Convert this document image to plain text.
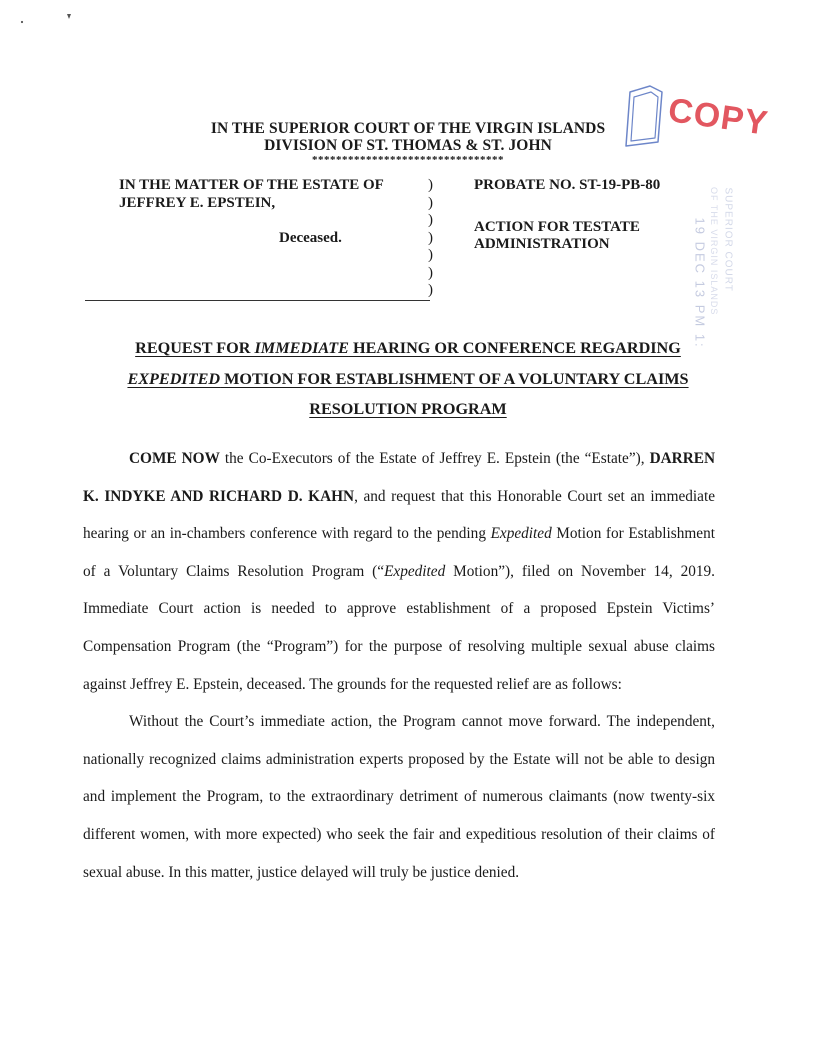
IN THE SUPERIOR COURT OF THE VIRGIN ISLANDS
DIVISION OF ST. THOMAS & ST. JOHN
********************************
COPY
IN THE MATTER OF THE ESTATE OF
JEFFREY E. EPSTEIN,
Deceased.
)
)
)
)
)
)
)
PROBATE NO. ST-19-PB-80
ACTION FOR TESTATE
ADMINISTRATION	19 DEC 13 PM 1: SUPERIOR COURT
OF THE VIRGIN ISLANDS
REQUEST FOR IMMEDIATE HEARING OR CONFERENCE REGARDING
EXPEDITED MOTION FOR ESTABLISHMENT OF A VOLUNTARY CLAIMS
RESOLUTION PROGRAM

COME NOW the Co-Executors of the Estate of Jeffrey E. Epstein (the “Estate”), DARREN K. INDYKE AND RICHARD D. KAHN, and request that this Honorable Court set an immediate hearing or an in-chambers conference with regard to the pending Expedited Motion for Establishment of a Voluntary Claims Resolution Program (“Expedited Motion”), filed on November 14, 2019. Immediate Court action is needed to approve establishment of a proposed Epstein Victims’ Compensation Program (the “Program”) for the purpose of resolving multiple sexual abuse claims against Jeffrey E. Epstein, deceased. The grounds for the requested relief are as follows:

Without the Court’s immediate action, the Program cannot move forward. The independent, nationally recognized claims administration experts proposed by the Estate will not be able to design and implement the Program, to the extraordinary detriment of numerous claimants (now twenty-six different women, with more expected) who seek the fair and expeditious resolution of their claims of sexual abuse. In this matter, justice delayed will truly be justice denied.
